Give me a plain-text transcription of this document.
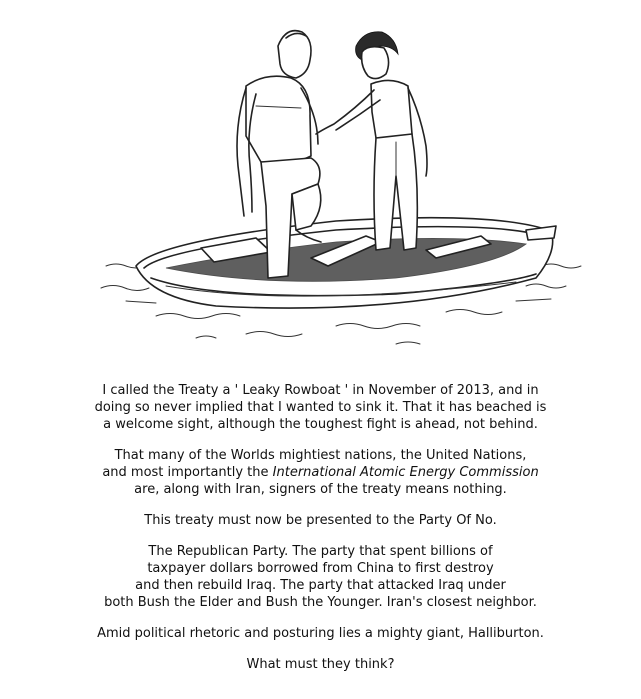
I called the Treaty a ' Leaky Rowboat ' in November of 2013, and in
doing so never implied that I wanted to sink it. That it has beached is
a welcome sight, although the toughest fight is ahead, not behind.

That many of the Worlds mightiest nations, the United Nations,
and most importantly the International Atomic Energy Commission
are, along with Iran, signers of the treaty means nothing.

This treaty must now be presented to the Party Of No.

The Republican Party. The party that spent billions of
taxpayer dollars borrowed from China to first destroy
and then rebuild Iraq. The party that attacked Iraq under
both Bush the Elder and Bush the Younger. Iran's closest neighbor.

Amid political rhetoric and posturing lies a mighty giant, Halliburton.

What must they think?
